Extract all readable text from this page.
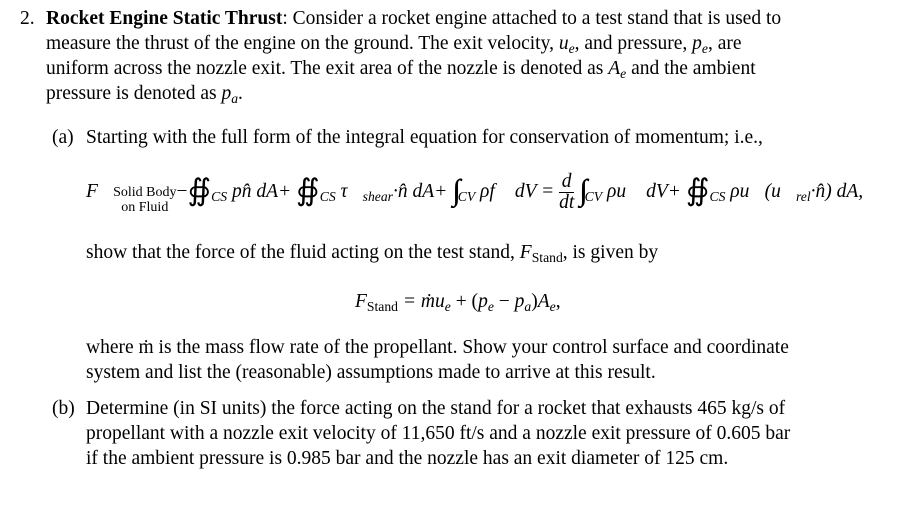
2. Rocket Engine Static Thrust: Consider a rocket engine attached to a test stand that is used to
measure the thrust of the engine on the ground. The exit velocity, $u_e$, and pressure, $p_e$, are
uniform across the nozzle exit. The exit area of the nozzle is denoted as $A_e$ and the ambient
pressure is denoted as $p_a$.
(a) Starting with the full form of the integral equation for conservation of momentum; i.e.,
F⃗Solid Body
on $Fluid-∯_{CS}$ pn̂ $dA+ ∯_{CS}$ $\tau⃗_{shear}\cdot n̂$ dA+ ∫∫∫ $_{CV}$ ρf⃗ dV = $\frac{d}{dt}$ ∫∫∫ $_{CV}$ ρu⃗ $dV+ ∯_{CS}$ $\rho u⃗(u⃗_{rel}\cdot n̂)$ dA,
show that the force of the fluid acting on the test stand, $F_{Stand}$, is given by
$F_{Stand}$ = ṁu$_e$ + $(p_e - p_a)A_e$,
where ṁ is the mass flow rate of the propellant. Show your control surface and coordinate
system and list the (reasonable) assumptions made to arrive at this result.
(b) Determine (in SI units) the force acting on the stand for a rocket that exhausts 465 kg/s of
propellant with a nozzle exit velocity of 11,650 ft/s and a nozzle exit pressure of 0.605 bar
if the ambient pressure is 0.985 bar and the nozzle has an exit diameter of 125 cm.
